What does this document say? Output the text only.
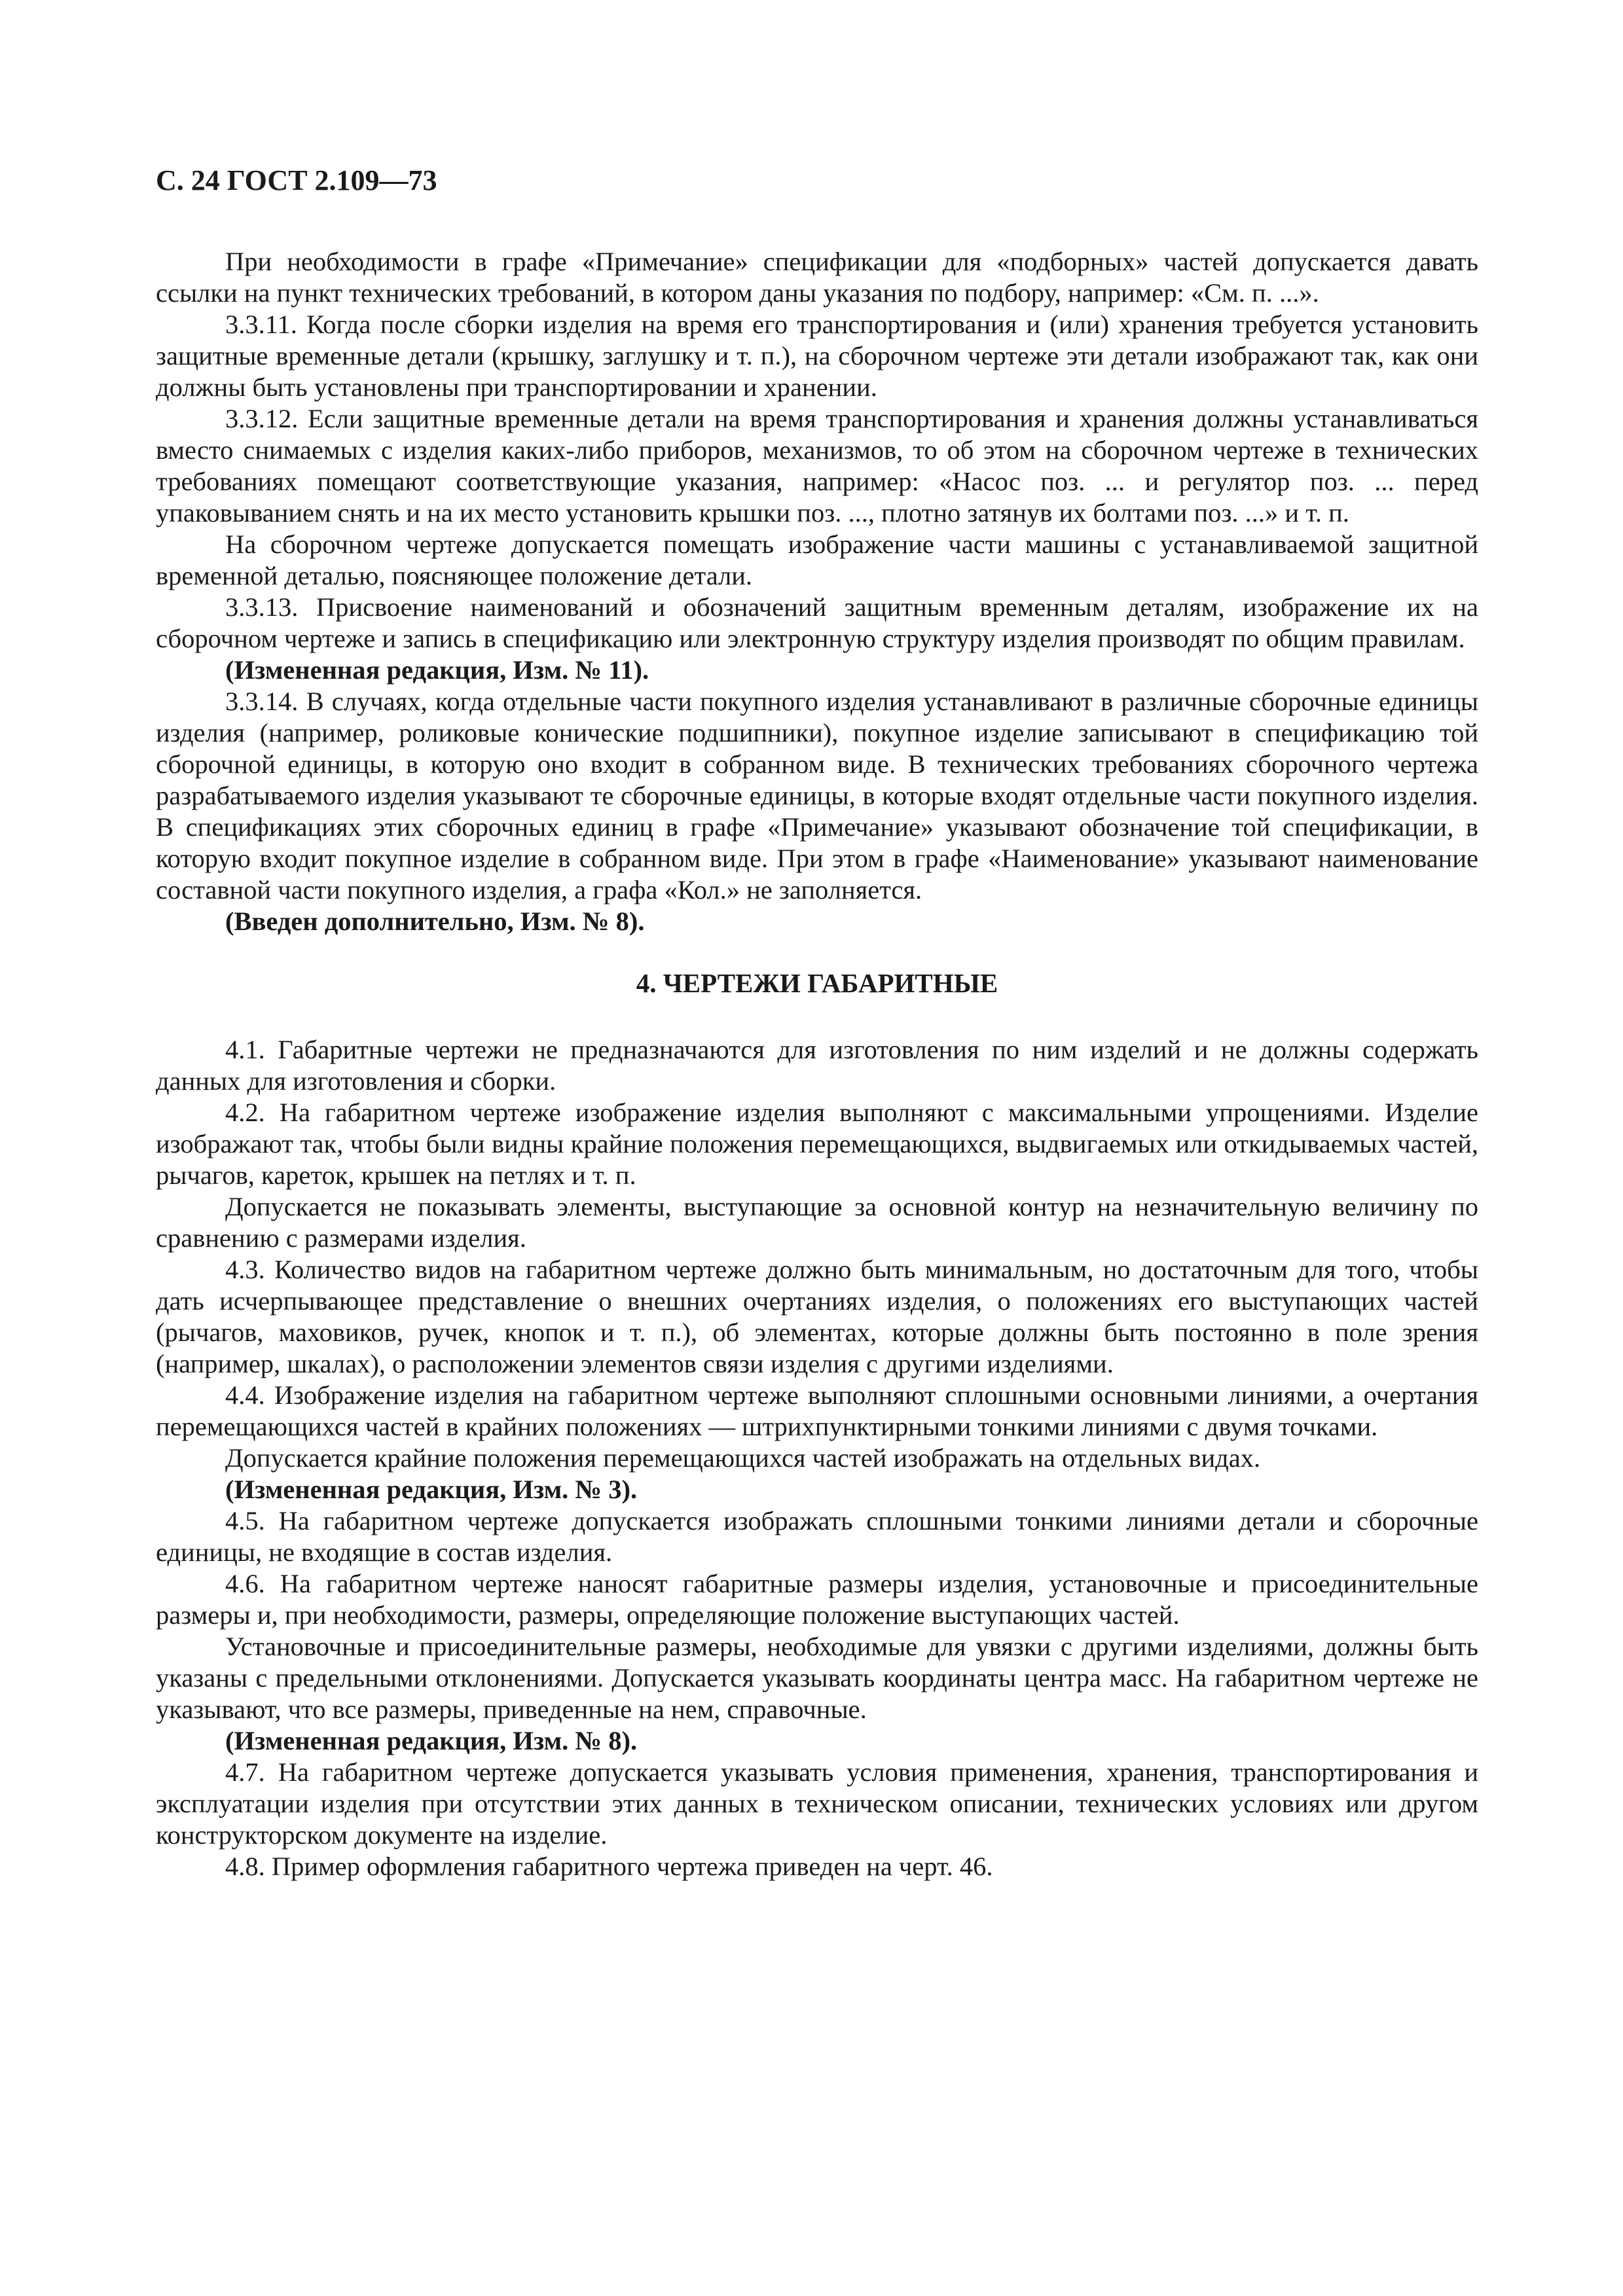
С. 24 ГОСТ 2.109—73

При необходимости в графе «Примечание» спецификации для «подборных» частей допускается давать ссылки на пункт технических требований, в котором даны указания по подбору, например: «См. п. ...».

3.3.11. Когда после сборки изделия на время его транспортирования и (или) хранения требуется установить защитные временные детали (крышку, заглушку и т. п.), на сборочном чертеже эти детали изображают так, как они должны быть установлены при транспортировании и хранении.

3.3.12. Если защитные временные детали на время транспортирования и хранения должны устанавливаться вместо снимаемых с изделия каких-либо приборов, механизмов, то об этом на сборочном чертеже в технических требованиях помещают соответствующие указания, например: «Насос поз. ... и регулятор поз. ... перед упаковыванием снять и на их место установить крышки поз. ..., плотно затянув их болтами поз. ...» и т. п.

На сборочном чертеже допускается помещать изображение части машины с устанавливаемой защитной временной деталью, поясняющее положение детали.

3.3.13. Присвоение наименований и обозначений защитным временным деталям, изображение их на сборочном чертеже и запись в спецификацию или электронную структуру изделия производят по общим правилам.

(Измененная редакция, Изм. № 11).

3.3.14. В случаях, когда отдельные части покупного изделия устанавливают в различные сборочные единицы изделия (например, роликовые конические подшипники), покупное изделие записывают в спецификацию той сборочной единицы, в которую оно входит в собранном виде. В технических требованиях сборочного чертежа разрабатываемого изделия указывают те сборочные единицы, в которые входят отдельные части покупного изделия. В спецификациях этих сборочных единиц в графе «Примечание» указывают обозначение той спецификации, в которую входит покупное изделие в собранном виде. При этом в графе «Наименование» указывают наименование составной части покупного изделия, а графа «Кол.» не заполняется.

(Введен дополнительно, Изм. № 8).

4. ЧЕРТЕЖИ ГАБАРИТНЫЕ

4.1. Габаритные чертежи не предназначаются для изготовления по ним изделий и не должны содержать данных для изготовления и сборки.

4.2. На габаритном чертеже изображение изделия выполняют с максимальными упрощениями. Изделие изображают так, чтобы были видны крайние положения перемещающихся, выдвигаемых или откидываемых частей, рычагов, кареток, крышек на петлях и т. п.

Допускается не показывать элементы, выступающие за основной контур на незначительную величину по сравнению с размерами изделия.

4.3. Количество видов на габаритном чертеже должно быть минимальным, но достаточным для того, чтобы дать исчерпывающее представление о внешних очертаниях изделия, о положениях его выступающих частей (рычагов, маховиков, ручек, кнопок и т. п.), об элементах, которые должны быть постоянно в поле зрения (например, шкалах), о расположении элементов связи изделия с другими изделиями.

4.4. Изображение изделия на габаритном чертеже выполняют сплошными основными линиями, а очертания перемещающихся частей в крайних положениях — штрихпунктирными тонкими линиями с двумя точками.

Допускается крайние положения перемещающихся частей изображать на отдельных видах.

(Измененная редакция, Изм. № 3).

4.5. На габаритном чертеже допускается изображать сплошными тонкими линиями детали и сборочные единицы, не входящие в состав изделия.

4.6. На габаритном чертеже наносят габаритные размеры изделия, установочные и присоединительные размеры и, при необходимости, размеры, определяющие положение выступающих частей.

Установочные и присоединительные размеры, необходимые для увязки с другими изделиями, должны быть указаны с предельными отклонениями. Допускается указывать координаты центра масс. На габаритном чертеже не указывают, что все размеры, приведенные на нем, справочные.

(Измененная редакция, Изм. № 8).

4.7. На габаритном чертеже допускается указывать условия применения, хранения, транспортирования и эксплуатации изделия при отсутствии этих данных в техническом описании, технических условиях или другом конструкторском документе на изделие.

4.8. Пример оформления габаритного чертежа приведен на черт. 46.
